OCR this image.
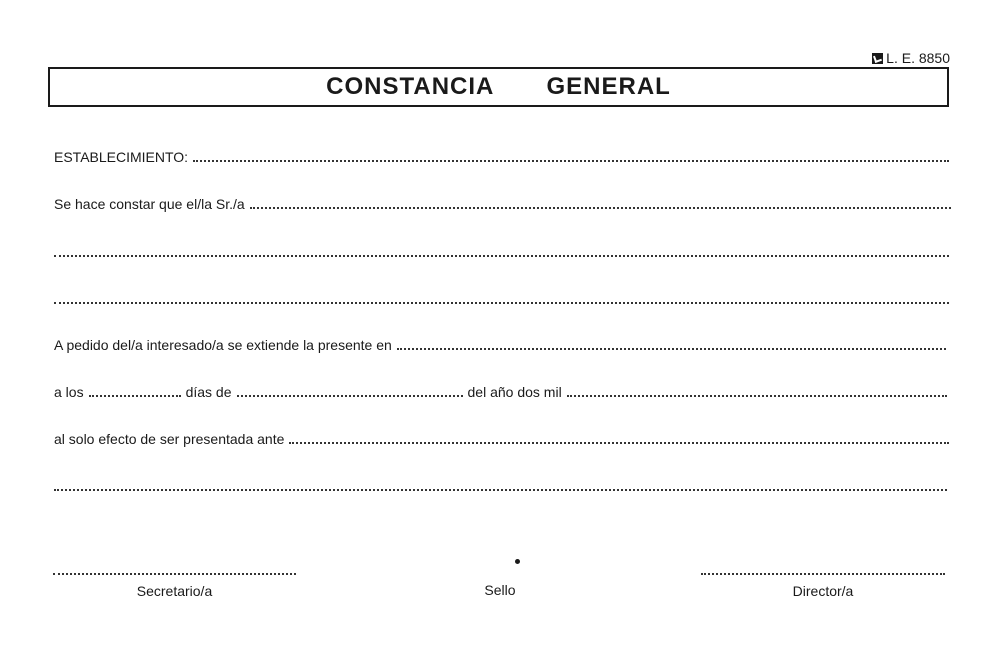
L. E. 8850
CONSTANCIA   GENERAL
ESTABLECIMIENTO:
Se hace constar que el/la Sr./a
A pedido del/a interesado/a se extiende la presente en
a los	días de	del año dos mil
al solo efecto de ser presentada ante
Secretario/a	Sello	Director/a
